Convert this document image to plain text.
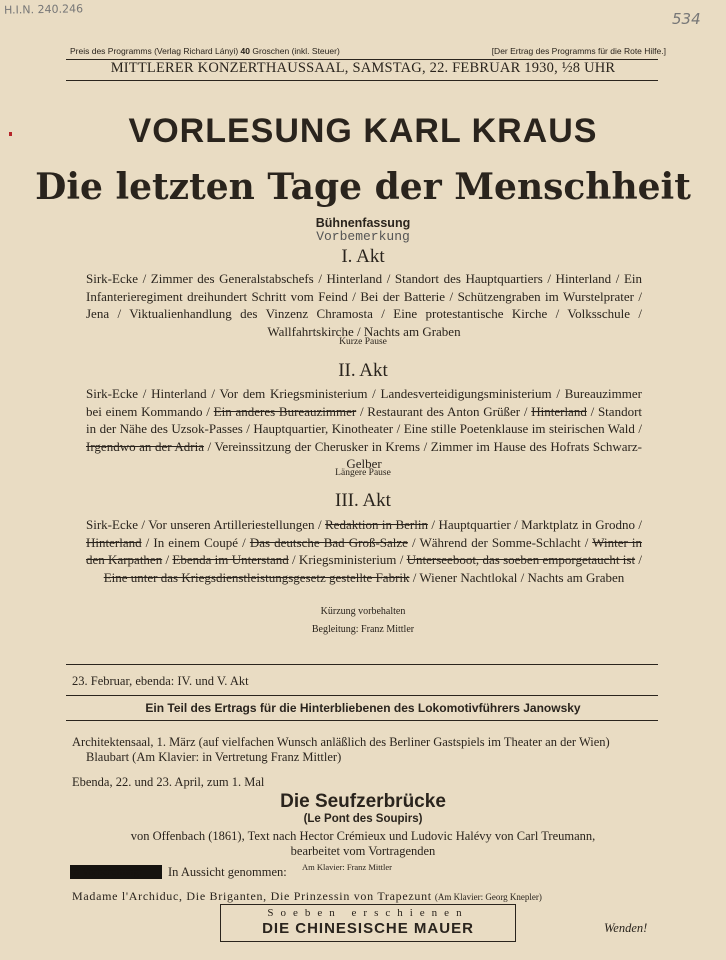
H.I.N. 240.246
534
Preis des Programms (Verlag Richard Lányi) 40 Groschen (inkl. Steuer)	[Der Ertrag des Programms für die Rote Hilfe.]
MITTLERER KONZERTHAUSSAAL, SAMSTAG, 22. FEBRUAR 1930, ½8 UHR
VORLESUNG KARL KRAUS
Die letzten Tage der Menschheit
Bühnenfassung
Vorbemerkung
I. Akt
Sirk-Ecke / Zimmer des Generalstabschefs / Hinterland / Standort des Hauptquartiers / Hinterland / Ein Infanterieregiment dreihundert Schritt vom Feind / Bei der Batterie / Schützengraben im Wurstelprater / Jena / Viktualienhandlung des Vinzenz Chramosta / Eine protestantische Kirche / Volksschule / Wallfahrtskirche / Nachts am Graben
Kurze Pause
II. Akt
Sirk-Ecke / Hinterland / Vor dem Kriegsministerium / Landesverteidigungsministerium / Bureauzimmer bei einem Kommando / Ein anderes Bureauzimmer / Restaurant des Anton Grüßer / Hinterland / Standort in der Nähe des Uzsok-Passes / Hauptquartier, Kinotheater / Eine stille Poetenklause im steirischen Wald / Irgendwo an der Adria / Vereinssitzung der Cherusker in Krems / Zimmer im Hause des Hofrats Schwarz-Gelber
Längere Pause
III. Akt
Sirk-Ecke / Vor unseren Artilleriestellungen / Redaktion in Berlin / Hauptquartier / Marktplatz in Grodno / Hinterland / In einem Coupé / Das deutsche Bad Groß-Salze / Während der Somme-Schlacht / Winter in den Karpathen / Ebenda im Unterstand / Kriegsministerium / Unterseeboot, das soeben emporgetaucht ist / Eine unter das Kriegsdienstleistungsgesetz gestellte Fabrik / Wiener Nachtlokal / Nachts am Graben
Kürzung vorbehalten
Begleitung: Franz Mittler
23. Februar, ebenda: IV. und V. Akt
Ein Teil des Ertrags für die Hinterbliebenen des Lokomotivführers Janowsky
Architektensaal, 1. März (auf vielfachen Wunsch anläßlich des Berliner Gastspiels im Theater an der Wien)
Blaubart (Am Klavier: in Vertretung Franz Mittler)
Ebenda, 22. und 23. April, zum 1. Mal
Die Seufzerbrücke
(Le Pont des Soupirs)
von Offenbach (1861), Text nach Hector Crémieux und Ludovic Halévy von Carl Treumann,
bearbeitet vom Vortragenden
In Vorbereitung:	In Aussicht genommen: Am Klavier: Franz Mittler
Madame l'Archiduc, Die Briganten, Die Prinzessin von Trapezunt (Am Klavier: Georg Knepler)
Soeben erschienen
DIE CHINESISCHE MAUER	Wenden!
